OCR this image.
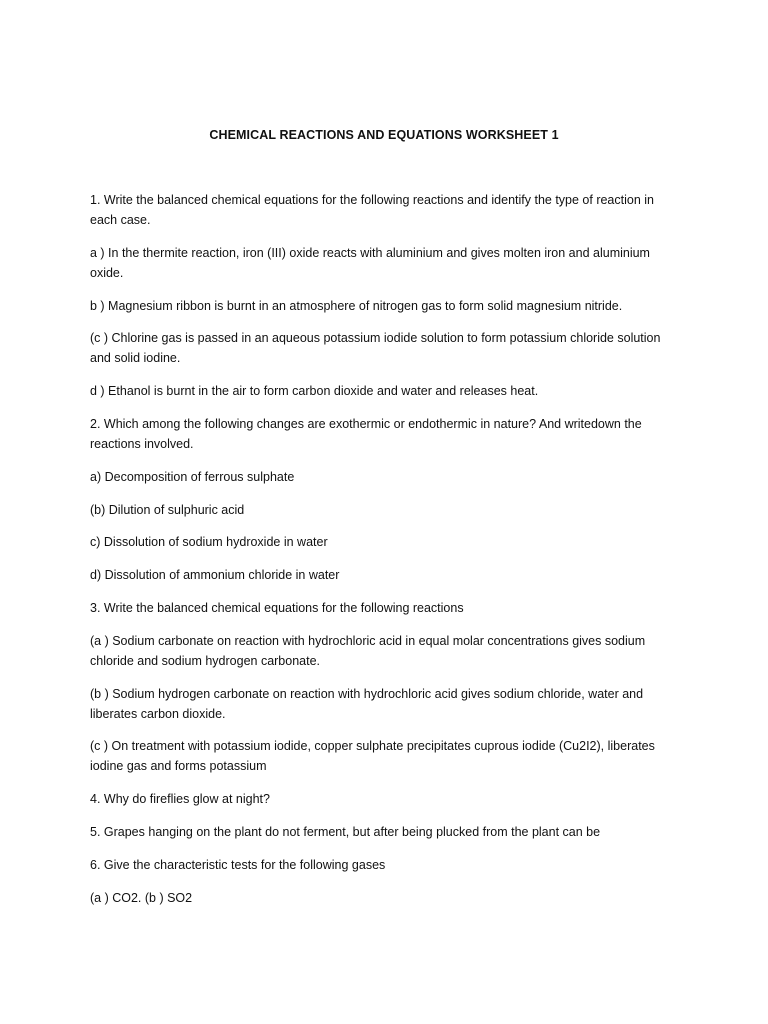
CHEMICAL REACTIONS AND EQUATIONS WORKSHEET 1

1. Write the balanced chemical equations for the following reactions and identify the type of reaction in each case.

a ) In the thermite reaction, iron (III) oxide reacts with aluminium and gives molten iron and aluminium oxide.

b ) Magnesium ribbon is burnt in an atmosphere of nitrogen gas to form solid magnesium nitride.

(c ) Chlorine gas is passed in an aqueous potassium iodide solution to form potassium chloride solution and solid iodine.

d ) Ethanol is burnt in the air to form carbon dioxide and water and releases heat.

2. Which among the following changes are exothermic or endothermic in nature? And writedown the reactions involved.

a) Decomposition of ferrous sulphate

(b) Dilution of sulphuric acid

c) Dissolution of sodium hydroxide in water

d) Dissolution of ammonium chloride in water

3. Write the balanced chemical equations for the following reactions

(a ) Sodium carbonate on reaction with hydrochloric acid in equal molar concentrations gives sodium chloride and sodium hydrogen carbonate.

(b ) Sodium hydrogen carbonate on reaction with hydrochloric acid gives sodium chloride, water and liberates carbon dioxide.

(c ) On treatment with potassium iodide, copper sulphate precipitates cuprous iodide (Cu2I2), liberates iodine gas and forms potassium

4. Why do fireflies glow at night?

5. Grapes hanging on the plant do not ferment, but after being plucked from the plant can be

6. Give the characteristic tests for the following gases

(a ) CO2. (b ) SO2
